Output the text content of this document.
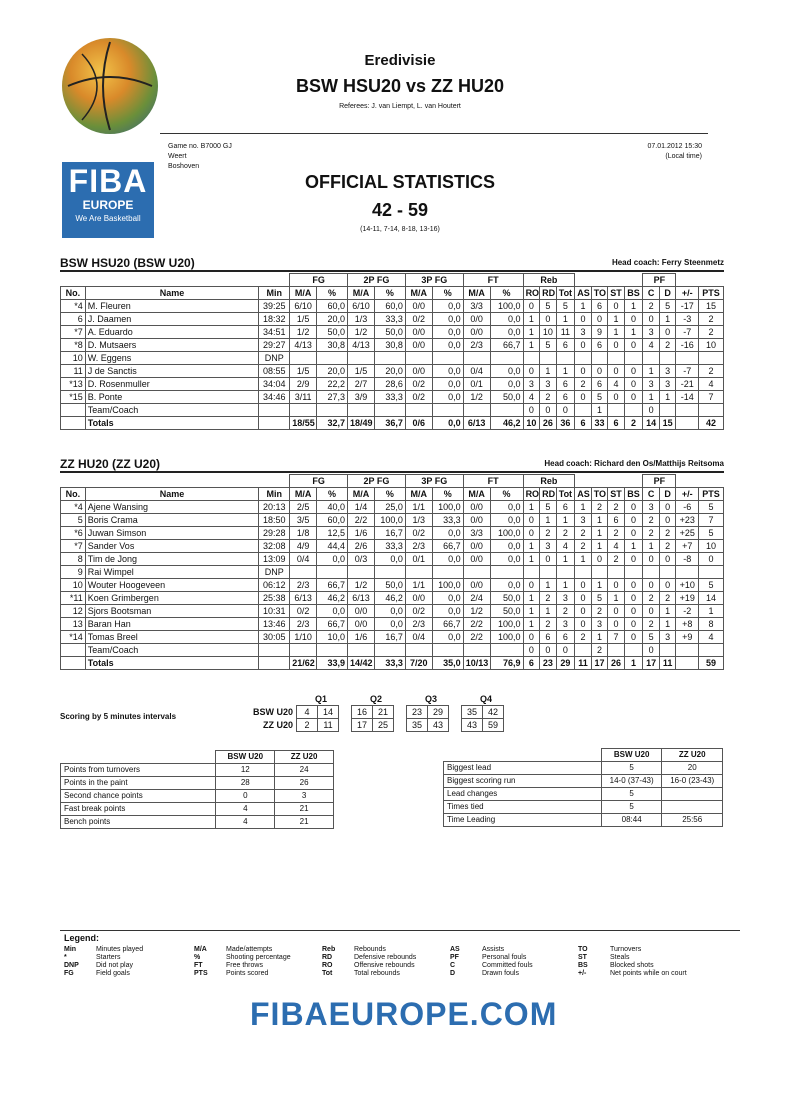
FIBA
EUROPE
We Are Basketball
Eredivisie
BSW HSU20 vs ZZ HU20
Referees: J. van Liempt, L. van Houtert
Game no. B7000 GJ
Weert
Boshoven
07.01.2012 15:30
(Local time)
OFFICIAL STATISTICS
42 - 59
(14-11, 7-14, 8-18, 13-16)
BSW HSU20 (BSW U20)	Head coach: Ferry Steenmetz
			FG		2P FG		3P FG		FT		Reb							PF			
No.	Name	Min	M/A	%	M/A	%	M/A	%	M/A	%	RO	RD	Tot	AS	TO	ST	BS	C	D	+/-	PTS
*4	M. Fleuren	39:25	6/10	60,0	6/10	60,0	0/0	0,0	3/3	100,0	0	5	5	1	6	0	1	2	5	-17	15
6	J. Daamen	18:32	1/5	20,0	1/3	33,3	0/2	0,0	0/0	0,0	1	0	1	0	0	1	0	0	1	-3	2
*7	A. Eduardo	34:51	1/2	50,0	1/2	50,0	0/0	0,0	0/0	0,0	1	10	11	3	9	1	1	3	0	-7	2
*8	D. Mutsaers	29:27	4/13	30,8	4/13	30,8	0/0	0,0	2/3	66,7	1	5	6	0	6	0	0	4	2	-16	10
10	W. Eggens	DNP																			
11	J de Sanctis	08:55	1/5	20,0	1/5	20,0	0/0	0,0	0/4	0,0	0	1	1	0	0	0	0	1	3	-7	2
*13	D. Rosenmuller	34:04	2/9	22,2	2/7	28,6	0/2	0,0	0/1	0,0	3	3	6	2	6	4	0	3	3	-21	4
*15	B. Ponte	34:46	3/11	27,3	3/9	33,3	0/2	0,0	1/2	50,0	4	2	6	0	5	0	0	1	1	-14	7
	Team/Coach										0	0	0		1			0			
	Totals		18/55	32,7	18/49	36,7	0/6	0,0	6/13	46,2	10	26	36	6	33	6	2	14	15		42
ZZ HU20 (ZZ U20)	Head coach: Richard den Os/Matthijs Reitsoma
			FG		2P FG		3P FG		FT		Reb							PF			
No.	Name	Min	M/A	%	M/A	%	M/A	%	M/A	%	RO	RD	Tot	AS	TO	ST	BS	C	D	+/-	PTS
*4	Ajene Wansing	20:13	2/5	40,0	1/4	25,0	1/1	100,0	0/0	0,0	1	5	6	1	2	2	0	3	0	-6	5
5	Boris Crama	18:50	3/5	60,0	2/2	100,0	1/3	33,3	0/0	0,0	0	1	1	3	1	6	0	2	0	+23	7
*6	Juwan Simson	29:28	1/8	12,5	1/6	16,7	0/2	0,0	3/3	100,0	0	2	2	2	1	2	0	2	2	+25	5
*7	Sander Vos	32:08	4/9	44,4	2/6	33,3	2/3	66,7	0/0	0,0	1	3	4	2	1	4	1	1	2	+7	10
8	Tim de Jong	13:09	0/4	0,0	0/3	0,0	0/1	0,0	0/0	0,0	1	0	1	1	0	2	0	0	0	-8	0
9	Rai Wimpel	DNP																			
10	Wouter Hoogeveen	06:12	2/3	66,7	1/2	50,0	1/1	100,0	0/0	0,0	0	1	1	0	1	0	0	0	0	+10	5
*11	Koen Grimbergen	25:38	6/13	46,2	6/13	46,2	0/0	0,0	2/4	50,0	1	2	3	0	5	1	0	2	2	+19	14
12	Sjors Bootsman	10:31	0/2	0,0	0/0	0,0	0/2	0,0	1/2	50,0	1	1	2	0	2	0	0	0	1	-2	1
13	Baran Han	13:46	2/3	66,7	0/0	0,0	2/3	66,7	2/2	100,0	1	2	3	0	3	0	0	2	1	+8	8
*14	Tomas Breel	30:05	1/10	10,0	1/6	16,7	0/4	0,0	2/2	100,0	0	6	6	2	1	7	0	5	3	+9	4
	Team/Coach										0	0	0		2			0			
	Totals		21/62	33,9	14/42	33,3	7/20	35,0	10/13	76,9	6	23	29	11	17	26	1	17	11		59
Scoring by 5 minutes intervals
	Q1			Q2			Q3			Q4	
BSW U20	4	14		16	21		23	29		35	42
ZZ U20	2	11		17	25		35	43		43	59
	BSW U20	ZZ U20
Points from turnovers	12	24
Points in the paint	28	26
Second chance points	0	3
Fast break points	4	21
Bench points	4	21
	BSW U20	ZZ U20
Biggest lead	5	20
Biggest scoring run	14-0 (37-43)	16-0 (23-43)
Lead changes	5	
Times tied	5	
Time Leading	08:44	25:56
Legend:
Min	Minutes played
*	Starters
DNP Did not play
FG	Field goals
M/A	Made/attempts
%	Shooting percentage
FT	Free throws
PTS	Points scored
Reb	Rebounds
RD	Defensive rebounds
RO	Offensive rebounds
Tot	Total rebounds
AS	Assists
PF	Personal fouls
C	Committed fouls
D	Drawn fouls
TO	Turnovers
ST	Steals
BS	Blocked shots
+/-	Net points while on court
FIBAEUROPE.COM
